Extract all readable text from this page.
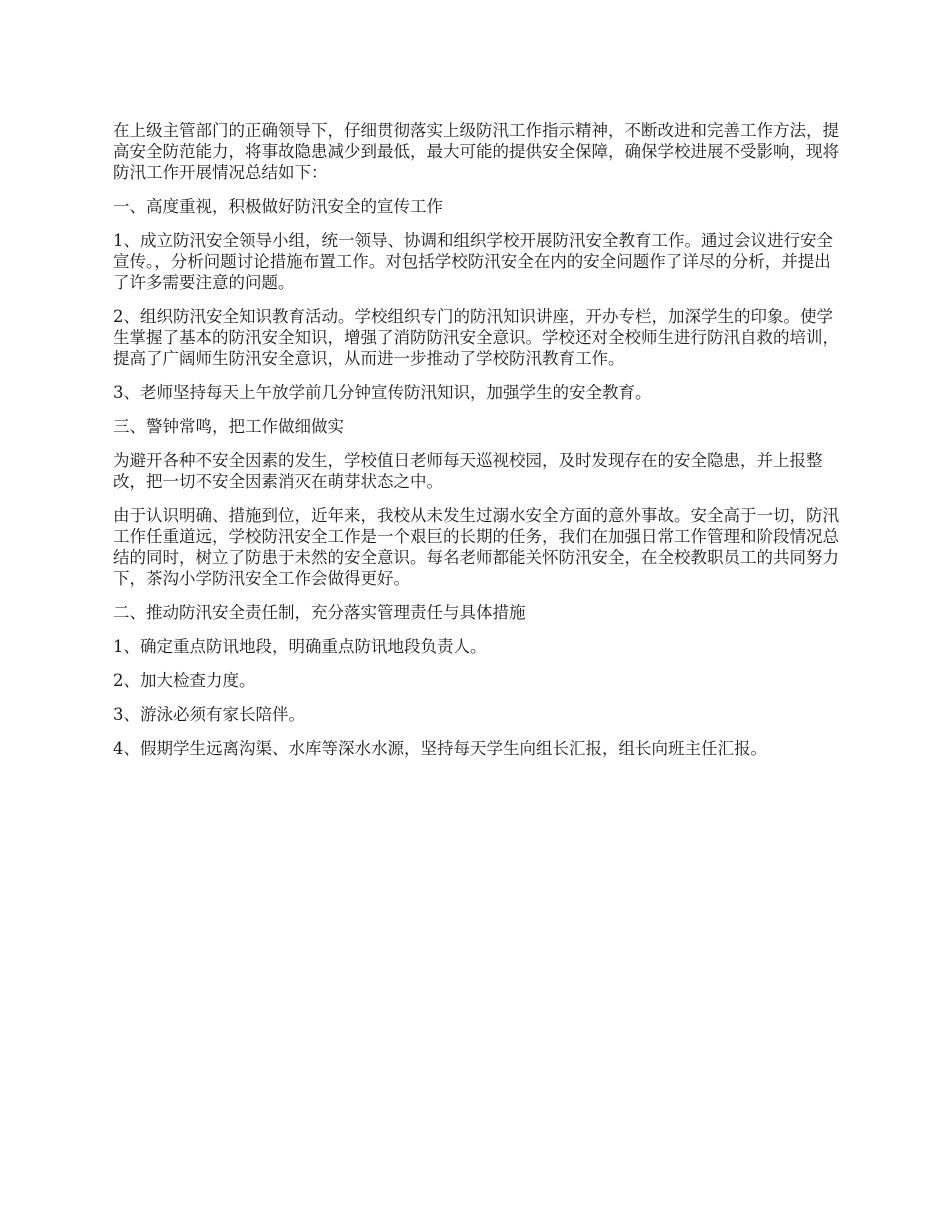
在上级主管部门的正确领导下，仔细贯彻落实上级防汛工作指示精神，不断改进和完善工作方法，提高安全防范能力，将事故隐患减少到最低，最大可能的提供安全保障，确保学校进展不受影响，现将防汛工作开展情况总结如下：

一、高度重视，积极做好防汛安全的宣传工作

1、成立防汛安全领导小组，统一领导、协调和组织学校开展防汛安全教育工作。通过会议进行安全宣传。，分析问题讨论措施布置工作。对包括学校防汛安全在内的安全问题作了详尽的分析，并提出了许多需要注意的问题。

2、组织防汛安全知识教育活动。学校组织专门的防汛知识讲座，开办专栏，加深学生的印象。使学生掌握了基本的防汛安全知识，增强了消防防汛安全意识。学校还对全校师生进行防汛自救的培训，提高了广阔师生防汛安全意识，从而进一步推动了学校防汛教育工作。

3、老师坚持每天上午放学前几分钟宣传防汛知识，加强学生的安全教育。

三、警钟常鸣，把工作做细做实

为避开各种不安全因素的发生，学校值日老师每天巡视校园，及时发现存在的安全隐患，并上报整改，把一切不安全因素消灭在萌芽状态之中。

由于认识明确、措施到位，近年来，我校从未发生过溺水安全方面的意外事故。安全高于一切，防汛工作任重道远，学校防汛安全工作是一个艰巨的长期的任务，我们在加强日常工作管理和阶段情况总结的同时，树立了防患于未然的安全意识。每名老师都能关怀防汛安全，在全校教职员工的共同努力下，茶沟小学防汛安全工作会做得更好。

二、推动防汛安全责任制，充分落实管理责任与具体措施

1、确定重点防讯地段，明确重点防讯地段负责人。

2、加大检查力度。

3、游泳必须有家长陪伴。

4、假期学生远离沟渠、水库等深水水源，坚持每天学生向组长汇报，组长向班主任汇报。
